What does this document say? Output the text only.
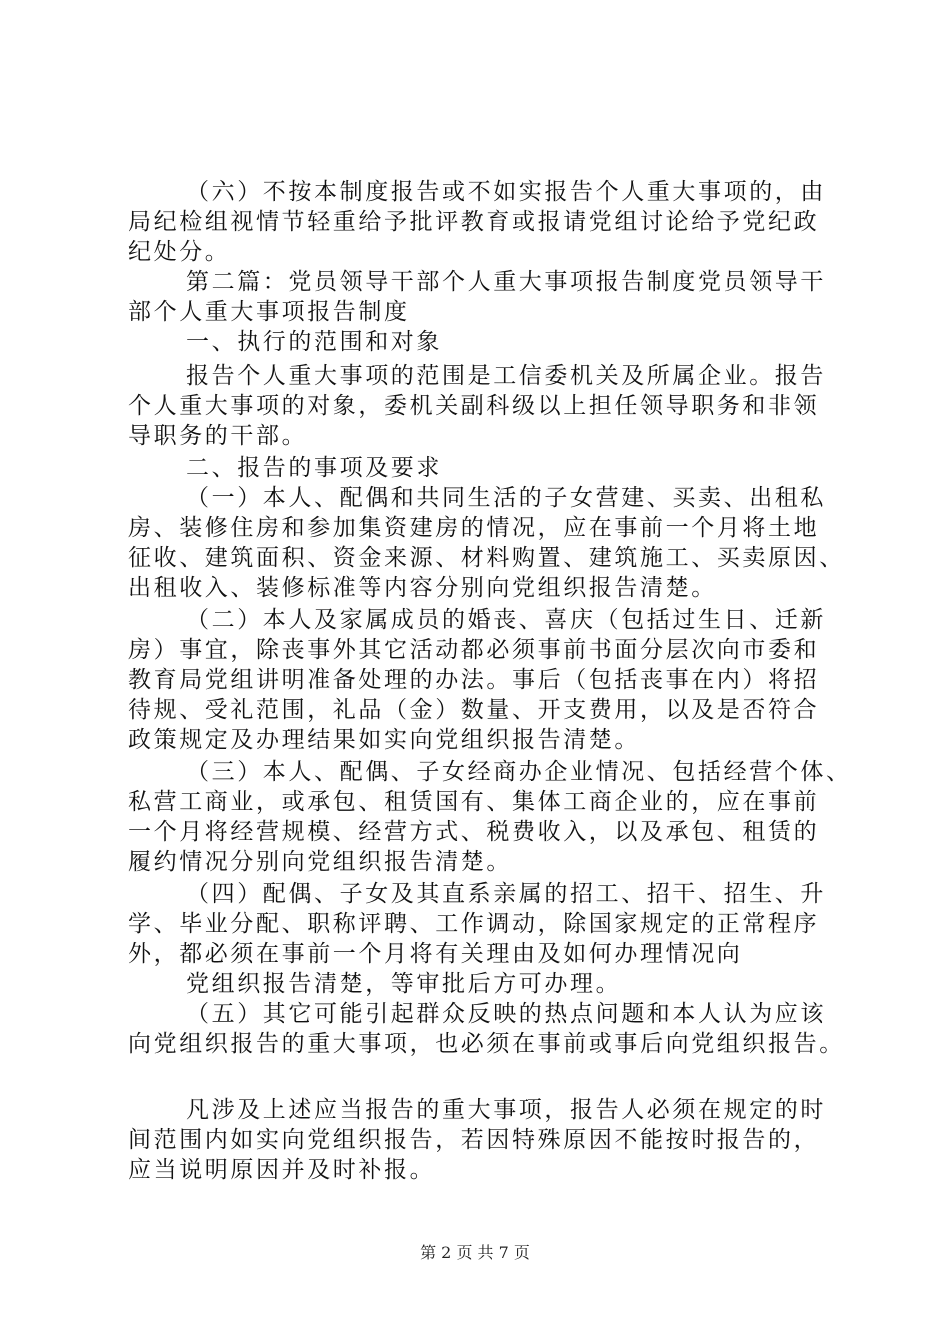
（六）不按本制度报告或不如实报告个人重大事项的，由
局纪检组视情节轻重给予批评教育或报请党组讨论给予党纪政
纪处分。
第二篇：党员领导干部个人重大事项报告制度党员领导干
部个人重大事项报告制度
一、执行的范围和对象
报告个人重大事项的范围是工信委机关及所属企业。报告
个人重大事项的对象，委机关副科级以上担任领导职务和非领
导职务的干部。
二、报告的事项及要求
（一）本人、配偶和共同生活的子女营建、买卖、出租私
房、装修住房和参加集资建房的情况，应在事前一个月将土地
征收、建筑面积、资金来源、材料购置、建筑施工、买卖原因、
出租收入、装修标准等内容分别向党组织报告清楚。
（二）本人及家属成员的婚丧、喜庆（包括过生日、迁新
房）事宜，除丧事外其它活动都必须事前书面分层次向市委和
教育局党组讲明准备处理的办法。事后（包括丧事在内）将招
待规、受礼范围，礼品（金）数量、开支费用，以及是否符合
政策规定及办理结果如实向党组织报告清楚。
（三）本人、配偶、子女经商办企业情况、包括经营个体、
私营工商业，或承包、租赁国有、集体工商企业的，应在事前
一个月将经营规模、经营方式、税费收入，以及承包、租赁的
履约情况分别向党组织报告清楚。
（四）配偶、子女及其直系亲属的招工、招干、招生、升
学、毕业分配、职称评聘、工作调动，除国家规定的正常程序
外，都必须在事前一个月将有关理由及如何办理情况向
党组织报告清楚，等审批后方可办理。
（五）其它可能引起群众反映的热点问题和本人认为应该
向党组织报告的重大事项，也必须在事前或事后向党组织报告。
凡涉及上述应当报告的重大事项，报告人必须在规定的时
间范围内如实向党组织报告，若因特殊原因不能按时报告的，
应当说明原因并及时补报。
第 2 页 共 7 页
